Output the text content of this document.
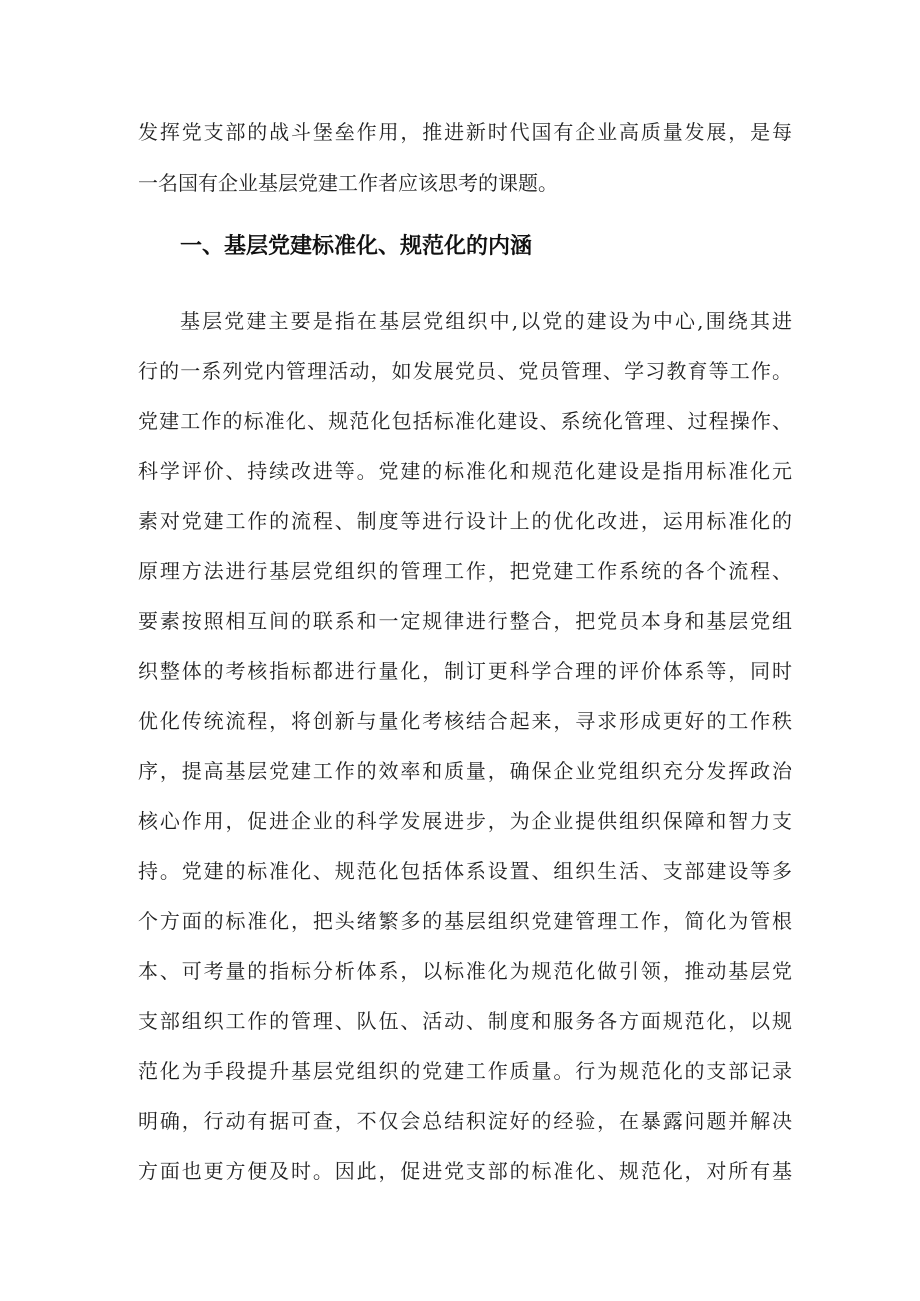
发挥党支部的战斗堡垒作用，推进新时代国有企业高质量发展，是每
一名国有企业基层党建工作者应该思考的课题。
一、基层党建标准化、规范化的内涵
基层党建主要是指在基层党组织中,以党的建设为中心,围绕其进
行的一系列党内管理活动，如发展党员、党员管理、学习教育等工作。
党建工作的标准化、规范化包括标准化建设、系统化管理、过程操作、
科学评价、持续改进等。党建的标准化和规范化建设是指用标准化元
素对党建工作的流程、制度等进行设计上的优化改进，运用标准化的
原理方法进行基层党组织的管理工作，把党建工作系统的各个流程、
要素按照相互间的联系和一定规律进行整合，把党员本身和基层党组
织整体的考核指标都进行量化，制订更科学合理的评价体系等，同时
优化传统流程，将创新与量化考核结合起来，寻求形成更好的工作秩
序，提高基层党建工作的效率和质量，确保企业党组织充分发挥政治
核心作用，促进企业的科学发展进步，为企业提供组织保障和智力支
持。党建的标准化、规范化包括体系设置、组织生活、支部建设等多
个方面的标准化，把头绪繁多的基层组织党建管理工作，简化为管根
本、可考量的指标分析体系，以标准化为规范化做引领，推动基层党
支部组织工作的管理、队伍、活动、制度和服务各方面规范化，以规
范化为手段提升基层党组织的党建工作质量。行为规范化的支部记录
明确，行动有据可查，不仅会总结积淀好的经验，在暴露问题并解决
方面也更方便及时。因此，促进党支部的标准化、规范化，对所有基
